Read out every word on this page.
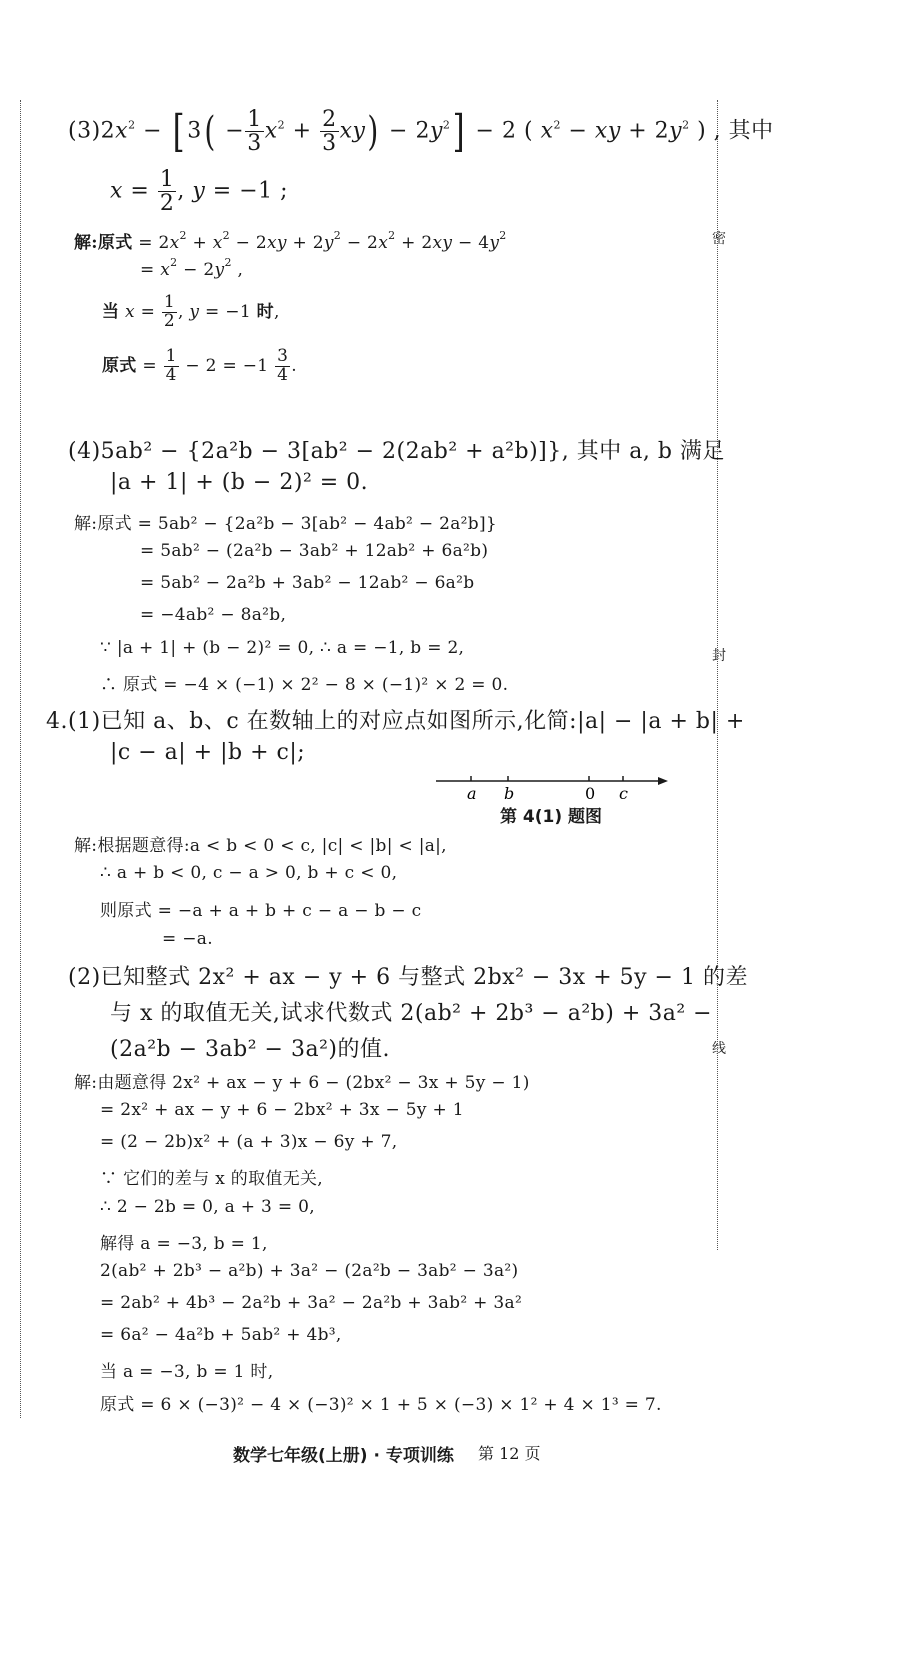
密
封
线
$(3)2x^2$ − [ $3( - \frac{1}{3} x^2 + \frac{2}{3} xy) - 2y^2] - 2$ ( $x^2$ − xy + $2y^2$ ) , 其中
$x = \frac{1}{2}$ , y = −1 ;
解:原式 = $2x^2 + x^2 - 2xy + 2y^2 - 2x^2 + 2xy - 4y^2$
= $x^2 - 2y^2$ ,
当 $x = \frac{1}{2}$ , y = −1 时,
原式 = $\frac{1}{4} - 2 = -1 \frac{3}{4}$ .
(4)5ab² − {2a²b − 3[ab² − 2(2ab² + a²b)]}, 其中 a, b 满足
|a + 1| + (b − 2)² = 0.
解:原式 = 5ab² − {2a²b − 3[ab² − 4ab² − 2a²b]}
= 5ab² − (2a²b − 3ab² + 12ab² + 6a²b)
= 5ab² − 2a²b + 3ab² − 12ab² − 6a²b
= −4ab² − 8a²b,
∵ |a + 1| + (b − 2)² = 0, ∴ a = −1, b = 2,
∴ 原式 = −4 × (−1) × 2² − 8 × (−1)² × 2 = 0.
4.(1)已知 a、b、c 在数轴上的对应点如图所示,化简:|a| − |a + b| +
|c − a| + |b + c|;
a b	0 c
第 4(1) 题图
解:根据题意得:a < b < 0 < c, |c| < |b| < |a|,
∴ a + b < 0, c − a > 0, b + c < 0,
则原式 = −a + a + b + c − a − b − c
= −a.
(2)已知整式 2x² + ax − y + 6 与整式 2bx² − 3x + 5y − 1 的差
与 x 的取值无关,试求代数式 2(ab² + 2b³ − a²b) + 3a² −
(2a²b − 3ab² − 3a²)的值.
解:由题意得 2x² + ax − y + 6 − (2bx² − 3x + 5y − 1)
= 2x² + ax − y + 6 − 2bx² + 3x − 5y + 1
= (2 − 2b)x² + (a + 3)x − 6y + 7,
∵ 它们的差与 x 的取值无关,
∴ 2 − 2b = 0, a + 3 = 0,
解得 a = −3, b = 1,
2(ab² + 2b³ − a²b) + 3a² − (2a²b − 3ab² − 3a²)
= 2ab² + 4b³ − 2a²b + 3a² − 2a²b + 3ab² + 3a²
= 6a² − 4a²b + 5ab² + 4b³,
当 a = −3, b = 1 时,
原式 = 6 × (−3)² − 4 × (−3)² × 1 + 5 × (−3) × 1² + 4 × 1³ = 7.
数学七年级(上册) · 专项训练 第 12 页
